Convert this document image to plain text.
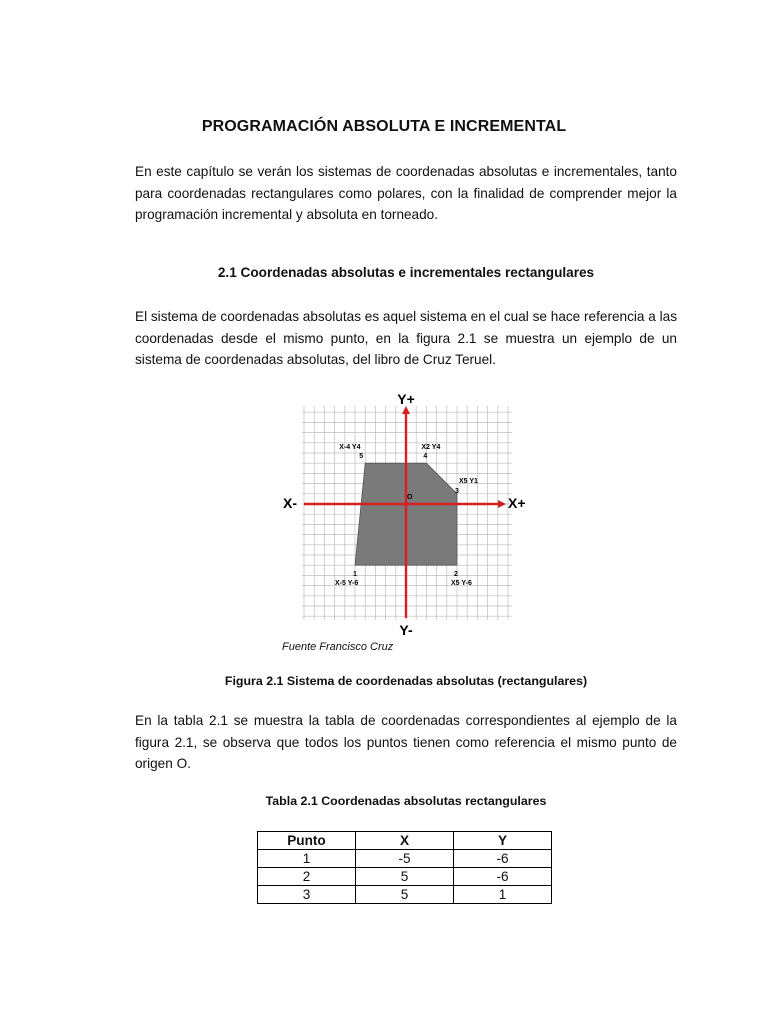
PROGRAMACIÓN ABSOLUTA E INCREMENTAL

En este capítulo se verán los sistemas de coordenadas absolutas e incrementales, tanto para coordenadas rectangulares como polares, con la finalidad de comprender mejor la programación incremental y absoluta en torneado.

2.1 Coordenadas absolutas e incrementales rectangulares

El sistema de coordenadas absolutas es aquel sistema en el cual se hace referencia a las coordenadas desde el mismo punto, en la figura 2.1 se muestra un ejemplo de un sistema de coordenadas absolutas, del libro de Cruz Teruel.

Y+
Y-
X-	X+
O
1
X-5 Y-6
2
X5 Y-6
3
X5 Y1
4
X2 Y4
5
X-4 Y4
Fuente Francisco Cruz
Figura 2.1 Sistema de coordenadas absolutas (rectangulares)

En la tabla 2.1 se muestra la tabla de coordenadas correspondientes al ejemplo de la figura 2.1, se observa que todos los puntos tienen como referencia el mismo punto de origen O.

Tabla 2.1 Coordenadas absolutas rectangulares
Punto	X	Y
1	-5	-6
2	5	-6
3	5	1
